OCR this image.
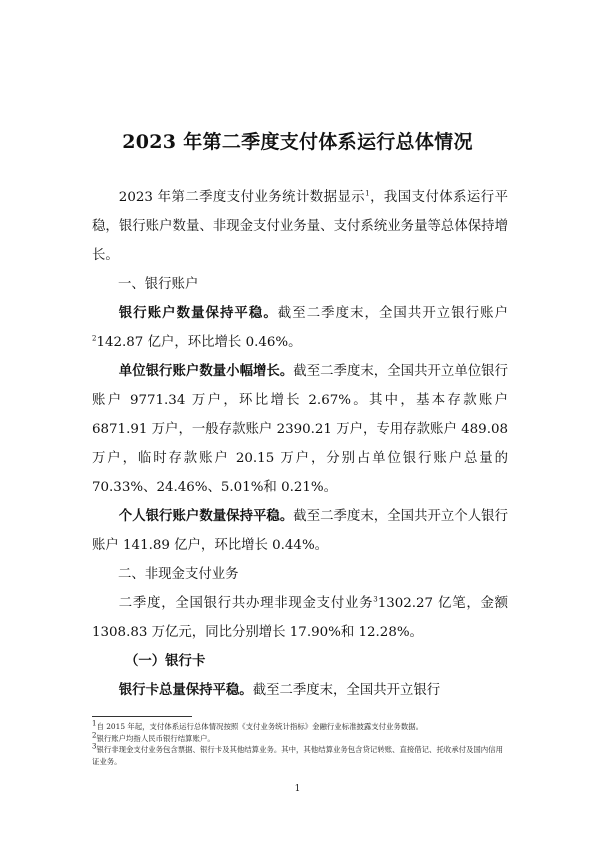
2023 年第二季度支付体系运行总体情况

2023 年第二季度支付业务统计数据显示$^1$，我国支付体系运行平稳，银行账户数量、非现金支付业务量、支付系统业务量等总体保持增长。

一、银行账户

银行账户数量保持平稳。截至二季度末，全国共开立银行账户$^2$142.87 亿户，环比增长 0.46%。

单位银行账户数量小幅增长。截至二季度末，全国共开立单位银行账户 9771.34 万户，环比增长 2.67%。其中，基本存款账户 6871.91 万户，一般存款账户 2390.21 万户，专用存款账户 489.08 万户，临时存款账户 20.15 万户，分别占单位银行账户总量的 70.33%、24.46%、5.01%和 0.21%。

个人银行账户数量保持平稳。截至二季度末，全国共开立个人银行账户 141.89 亿户，环比增长 0.44%。

二、非现金支付业务

二季度，全国银行共办理非现金支付业务$^3$1302.27 亿笔，金额 1308.83 万亿元，同比分别增长 17.90%和 12.28%。

（一）银行卡

银行卡总量保持平稳。截至二季度末，全国共开立银行

$^1$自 2015 年起，支付体系运行总体情况按照《支付业务统计指标》金融行业标准披露支付业务数据。

$^2$银行账户均指人民币银行结算账户。

$^3$银行非现金支付业务包含票据、银行卡及其他结算业务。其中，其他结算业务包含贷记转账、直接借记、托收承付及国内信用证业务。

1
